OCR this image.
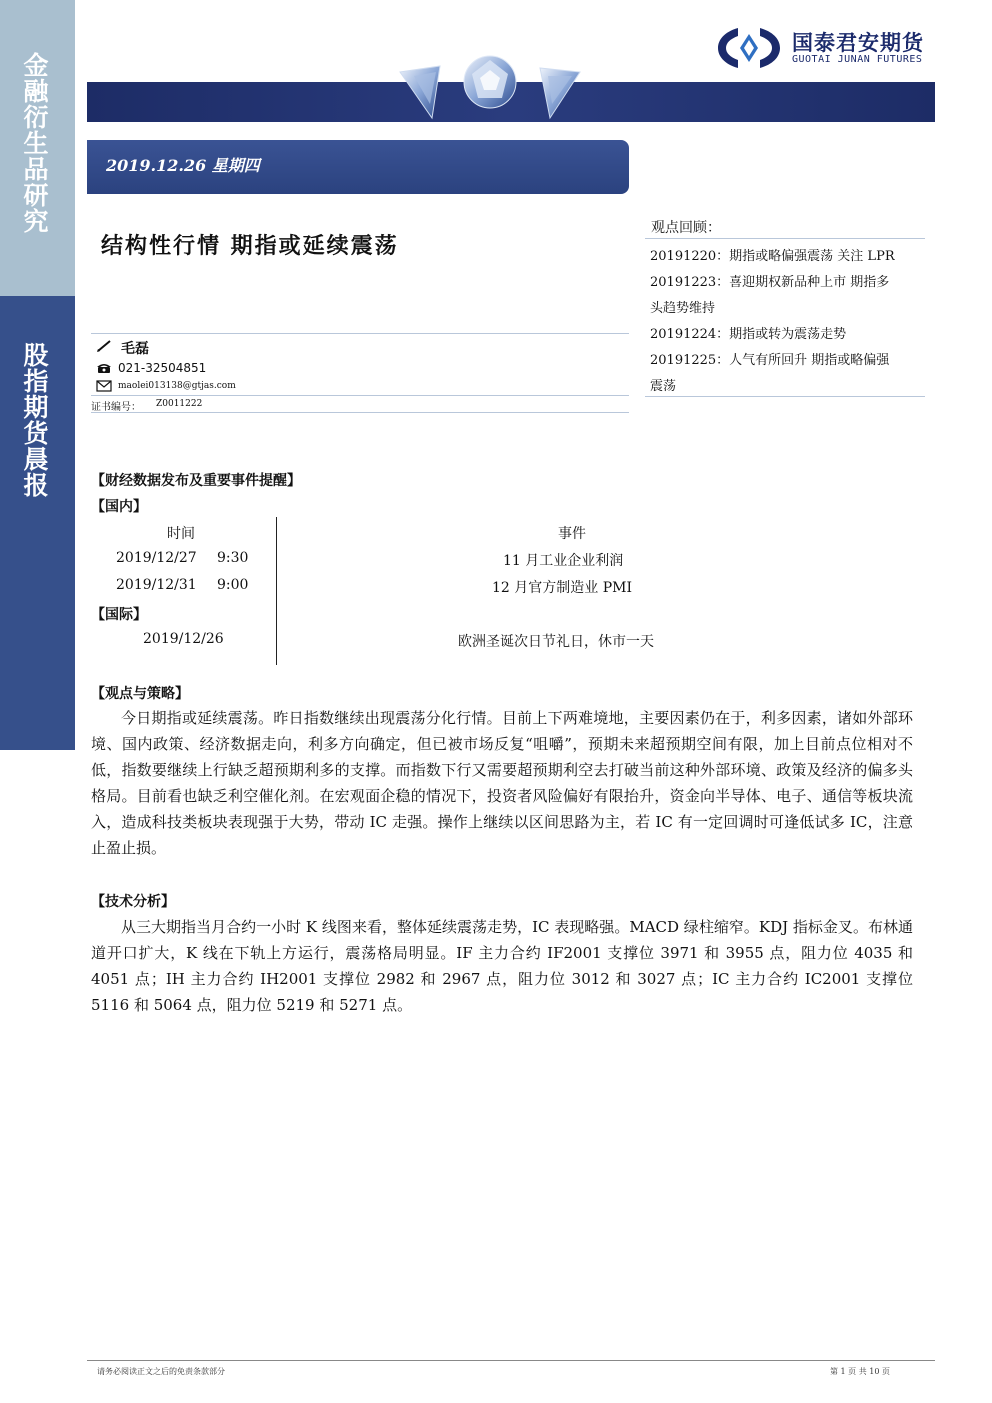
金融衍生品研究
股指期货晨报
国泰君安期货
GUOTAI JUNAN FUTURES
2019.12.26 星期四
结构性行情 期指或延续震荡
毛磊
021-32504851
maolei013138@gtjas.com
证书编号： Z0011222
观点回顾：
20191220：期指或略偏强震荡 关注 LPR
20191223：喜迎期权新品种上市 期指多
头趋势维持
20191224：期指或转为震荡走势
20191225：人气有所回升 期指或略偏强
震荡
【财经数据发布及重要事件提醒】
【国内】
时间	事件
2019/12/27 9:30	11 月工业企业利润
2019/12/31 9:00	12 月官方制造业 PMI
【国际】
2019/12/26	欧洲圣诞次日节礼日，休市一天
【观点与策略】

今日期指或延续震荡。昨日指数继续出现震荡分化行情。目前上下两难境地，主要因素仍在于，利多因素，诸如外部环境、国内政策、经济数据走向，利多方向确定，但已被市场反复“咀嚼”，预期未来超预期空间有限，加上目前点位相对不低，指数要继续上行缺乏超预期利多的支撑。而指数下行又需要超预期利空去打破当前这种外部环境、政策及经济的偏多头格局。目前看也缺乏利空催化剂。在宏观面企稳的情况下，投资者风险偏好有限抬升，资金向半导体、电子、通信等板块流入，造成科技类板块表现强于大势，带动 IC 走强。操作上继续以区间思路为主，若 IC 有一定回调时可逢低试多 IC，注意止盈止损。

【技术分析】

从三大期指当月合约一小时 K 线图来看，整体延续震荡走势，IC 表现略强。MACD 绿柱缩窄。KDJ 指标金叉。布林通道开口扩大，K 线在下轨上方运行，震荡格局明显。IF 主力合约 IF2001 支撑位 3971 和 3955 点，阻力位 4035 和 4051 点；IH 主力合约 IH2001 支撑位 2982 和 2967 点，阻力位 3012 和 3027 点；IC 主力合约 IC2001 支撑位 5116 和 5064 点，阻力位 5219 和 5271 点。

请务必阅读正文之后的免责条款部分	第 1 页 共 10 页
